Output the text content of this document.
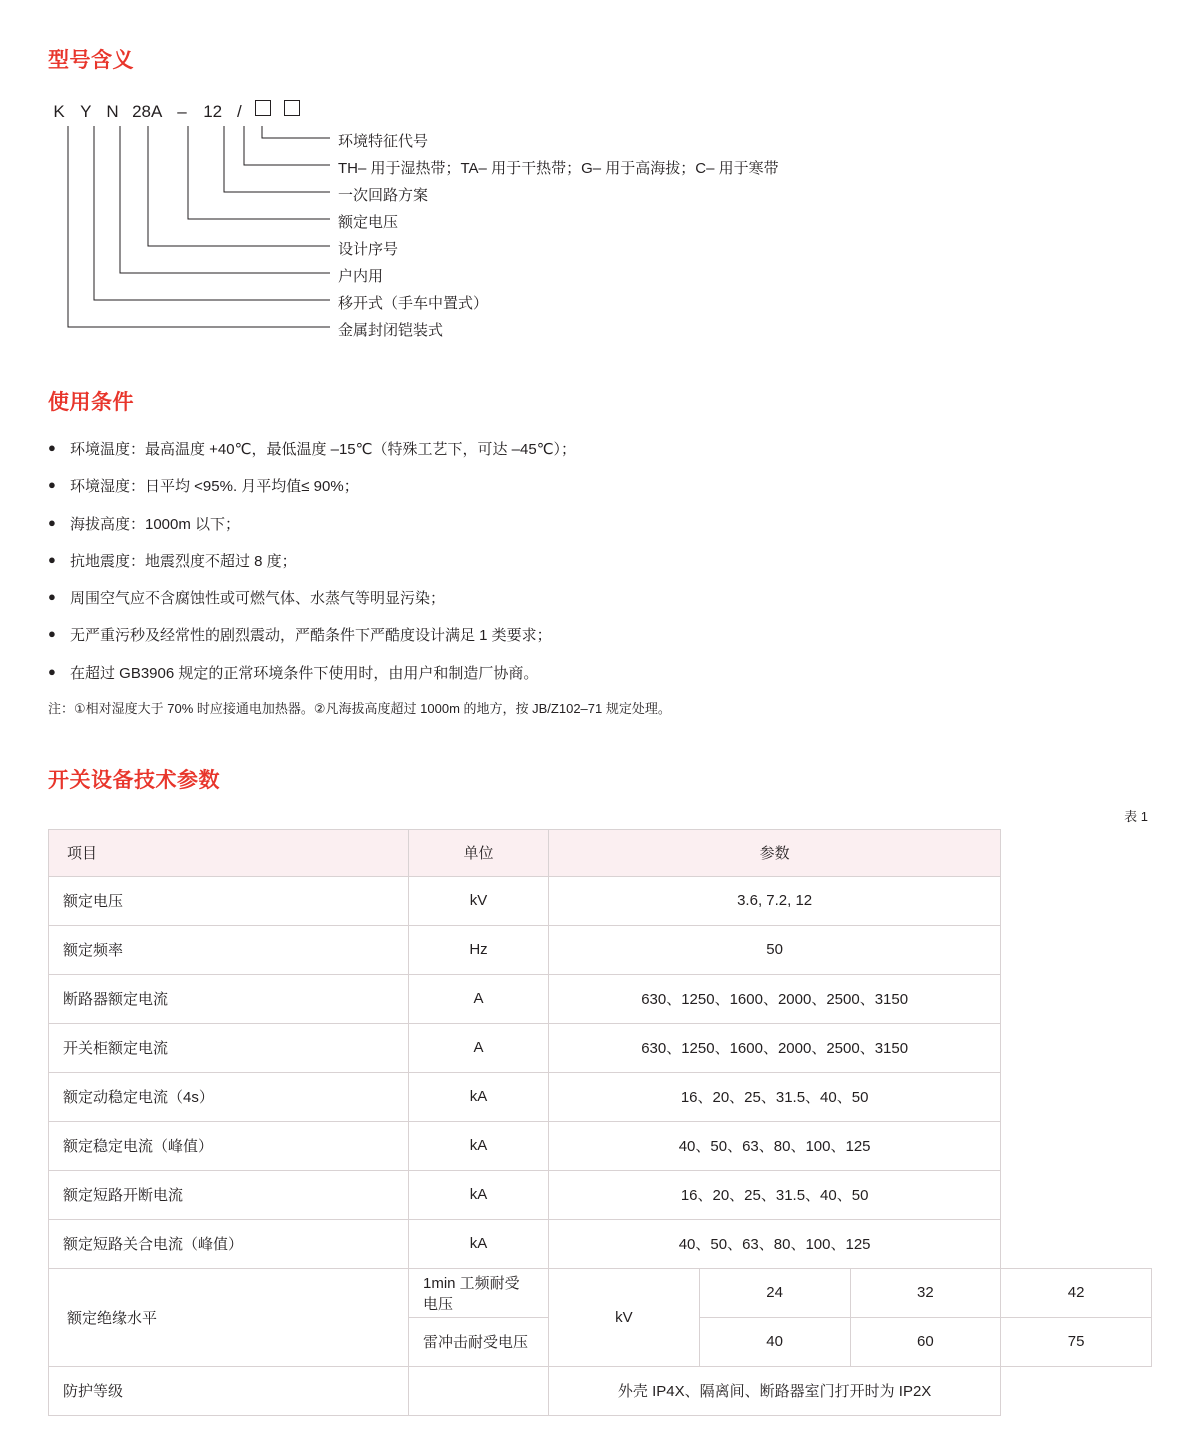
型号含义
K Y N 28A – 12 /
环境特征代号
TH– 用于湿热带；TA– 用于干热带；G– 用于高海拔；C– 用于寒带
一次回路方案
额定电压
设计序号
户内用
移开式（手车中置式）
金属封闭铠装式
使用条件
● 环境温度：最高温度 +40℃，最低温度 –15℃（特殊工艺下，可达 –45℃）；
● 环境湿度：日平均 <95%. 月平均值≤ 90%；
● 海拔高度：1000m 以下；
● 抗地震度：地震烈度不超过 8 度；
● 周围空气应不含腐蚀性或可燃气体、水蒸气等明显污染；
● 无严重污秒及经常性的剧烈震动，严酷条件下严酷度设计满足 1 类要求；
● 在超过 GB3906 规定的正常环境条件下使用时，由用户和制造厂协商。
注：①相对湿度大于 70% 时应接通电加热器。②凡海拔高度超过 1000m 的地方，按 JB/Z102–71 规定处理。
开关设备技术参数
表 1
项目	单位	参数			
额定电压	kV	3.6, 7.2, 12			
额定频率	Hz	50			
断路器额定电流	A	630、1250、1600、2000、2500、3150			
开关柜额定电流	A	630、1250、1600、2000、2500、3150			
额定动稳定电流（4s）	kA	16、20、25、31.5、40、50			
额定稳定电流（峰值）	kA	40、50、63、80、100、125			
额定短路开断电流	kA	16、20、25、31.5、40、50			
额定短路关合电流（峰值）	kA	40、50、63、80、100、125			
额定绝缘水平	1min 工频耐受电压	kV	24	32	42
	雷冲击耐受电压		40	60	75
防护等级		外壳 IP4X、隔离间、断路器室门打开时为 IP2X			
